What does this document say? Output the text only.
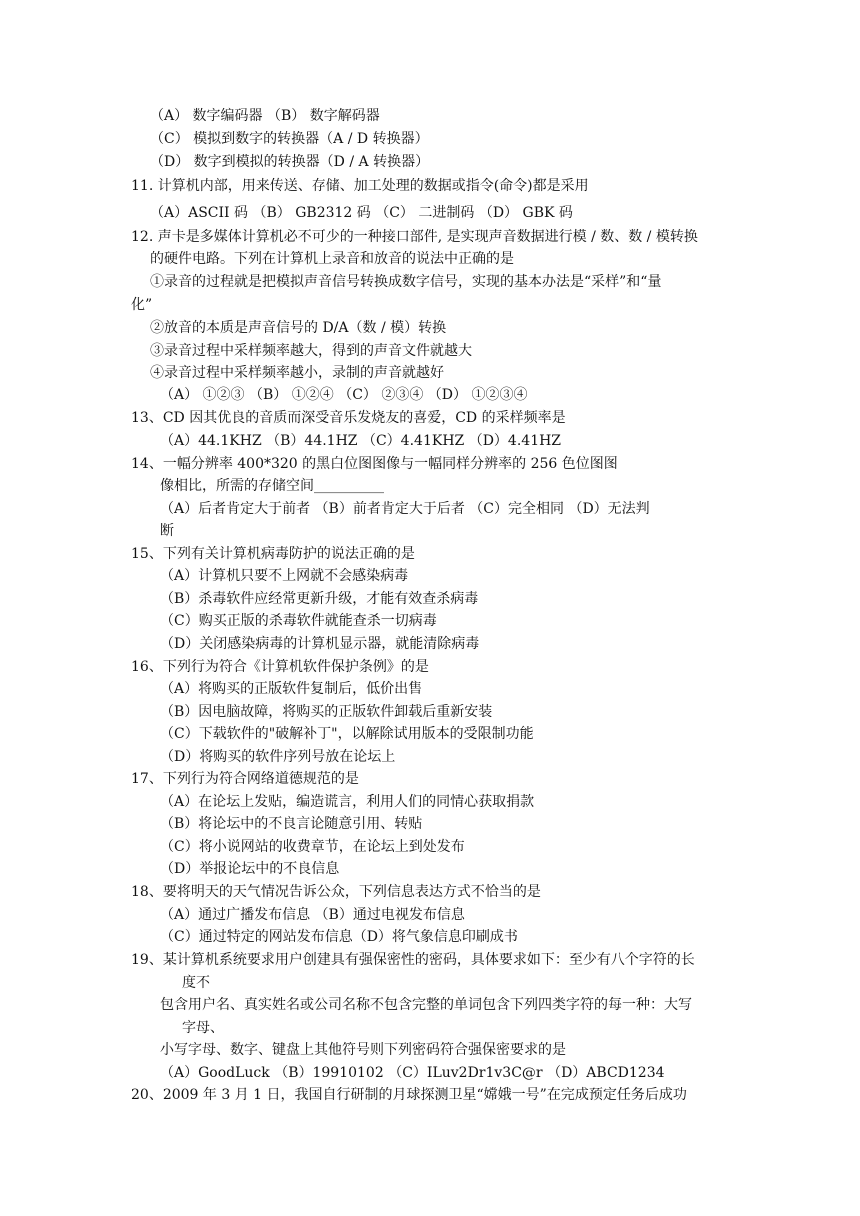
（A） 数字编码器 （B） 数字解码器
（C） 模拟到数字的转换器（A / D 转换器）
（D） 数字到模拟的转换器（D / A 转换器）
11. 计算机内部，用来传送、存储、加工处理的数据或指令(命令)都是采用
（A）ASCII 码 （B） GB2312 码 （C） 二进制码 （D） GBK 码
12. 声卡是多媒体计算机必不可少的一种接口部件, 是实现声音数据进行模 / 数、数 / 模转换
的硬件电路。下列在计算机上录音和放音的说法中正确的是
①录音的过程就是把模拟声音信号转换成数字信号，实现的基本办法是“采样”和“量
化”
②放音的本质是声音信号的 D/A（数 / 模）转换
③录音过程中采样频率越大，得到的声音文件就越大
④录音过程中采样频率越小，录制的声音就越好
（A） ①②③ （B） ①②④ （C） ②③④ （D） ①②③④
13、CD 因其优良的音质而深受音乐发烧友的喜爱，CD 的采样频率是
（A）44.1KHZ （B）44.1HZ （C）4.41KHZ （D）4.41HZ
14、一幅分辨率 400*320 的黑白位图图像与一幅同样分辨率的 256 色位图图
像相比，所需的存储空间__________
（A）后者肯定大于前者 （B）前者肯定大于后者 （C）完全相同 （D）无法判
断
15、下列有关计算机病毒防护的说法正确的是
（A）计算机只要不上网就不会感染病毒
（B）杀毒软件应经常更新升级，才能有效查杀病毒
（C）购买正版的杀毒软件就能查杀一切病毒
（D）关闭感染病毒的计算机显示器，就能清除病毒
16、下列行为符合《计算机软件保护条例》的是
（A）将购买的正版软件复制后，低价出售
（B）因电脑故障，将购买的正版软件卸载后重新安装
（C）下载软件的"破解补丁"，以解除试用版本的受限制功能
（D）将购买的软件序列号放在论坛上
17、下列行为符合网络道德规范的是
（A）在论坛上发贴，编造谎言，利用人们的同情心获取捐款
（B）将论坛中的不良言论随意引用、转贴
（C）将小说网站的收费章节，在论坛上到处发布
（D）举报论坛中的不良信息
18、要将明天的天气情况告诉公众，下列信息表达方式不恰当的是
（A）通过广播发布信息 （B）通过电视发布信息
（C）通过特定的网站发布信息（D）将气象信息印刷成书
19、某计算机系统要求用户创建具有强保密性的密码，具体要求如下：至少有八个字符的长
度不
包含用户名、真实姓名或公司名称不包含完整的单词包含下列四类字符的每一种：大写
字母、
小写字母、数字、键盘上其他符号则下列密码符合强保密要求的是
（A）GoodLuck （B）19910102 （C）ILuv2Dr1v3C@r （D）ABCD1234
20、2009 年 3 月 1 日，我国自行研制的月球探测卫星“嫦娥一号”在完成预定任务后成功
